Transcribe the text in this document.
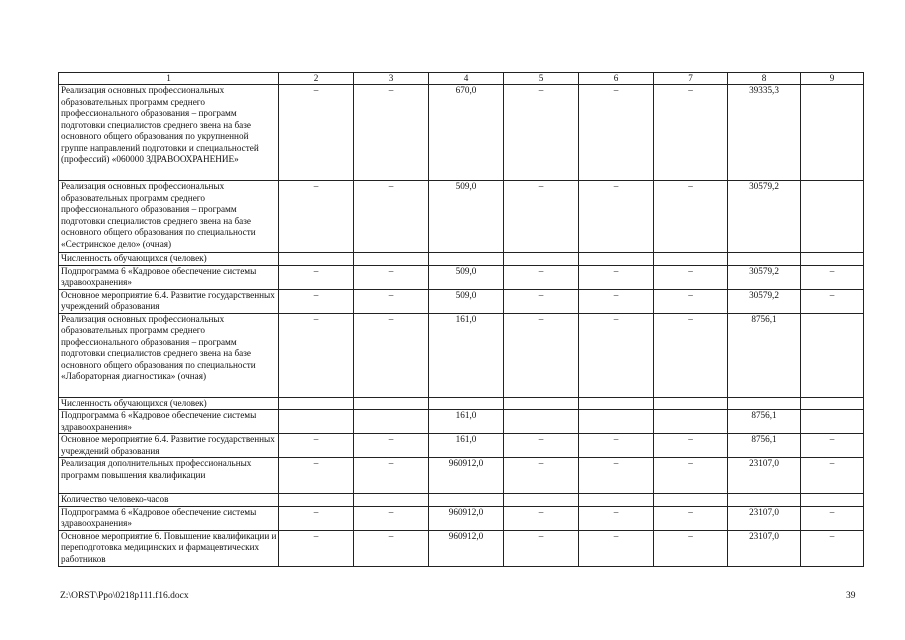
1	2	3	4	5	6	7	8	9
Реализация основных профессиональных образовательных программ среднего профессионального образования – программ подготовки специалистов среднего звена на базе основного общего образования по укрупненной группе направлений подготовки и специальностей (профессий) «060000 ЗДРАВООХРАНЕНИЕ»	–	–	670,0	–	–	–	39335,3	
Реализация основных профессиональных образовательных программ среднего профессионального образования – программ подготовки специалистов среднего звена на базе основного общего образования по специальности «Сестринское дело» (очная)	–	–	509,0	–	–	–	30579,2	
Численность обучающихся (человек)								
Подпрограмма 6 «Кадровое обеспечение системы здравоохранения»	–	–	509,0	–	–	–	30579,2	–
Основное мероприятие 6.4. Развитие государственных учреждений образования	–	–	509,0	–	–	–	30579,2	–
Реализация основных профессиональных образовательных программ среднего профессионального образования – программ подготовки специалистов среднего звена на базе основного общего образования по специальности «Лабораторная диагностика» (очная)	–	–	161,0	–	–	–	8756,1	
Численность обучающихся (человек)								
Подпрограмма 6 «Кадровое обеспечение системы здравоохранения»			161,0				8756,1	
Основное мероприятие 6.4. Развитие государственных учреждений образования	–	–	161,0	–	–	–	8756,1	–
Реализация дополнительных профессиональных программ повышения квалификации	–	–	960912,0	–	–	–	23107,0	–
Количество человеко-часов								
Подпрограмма 6 «Кадровое обеспечение системы здравоохранения»	–	–	960912,0	–	–	–	23107,0	–
Основное мероприятие 6. Повышение квалификации и переподготовка медицинских и фармацевтических работников	–	–	960912,0	–	–	–	23107,0	–
Z:\ORST\Ppo\0218p111.f16.docx	39
